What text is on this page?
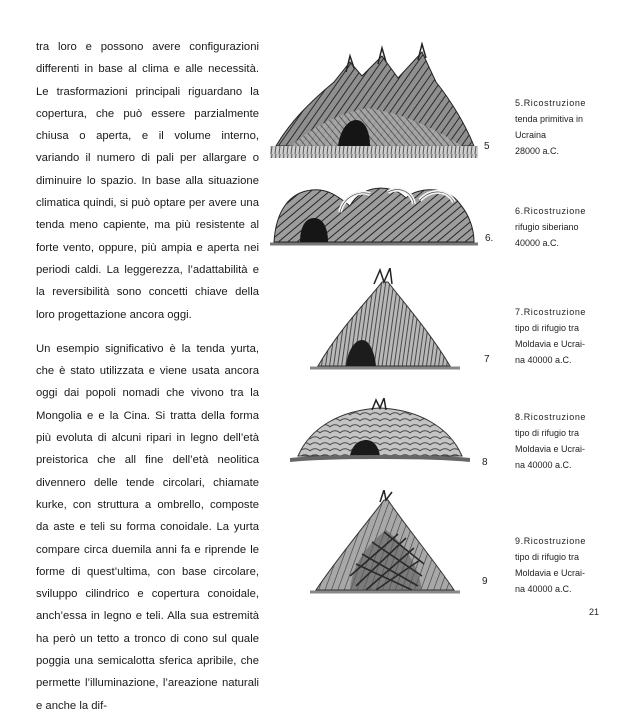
tra loro e possono avere configurazioni differenti in base al clima e alle necessità. Le trasformazioni principali riguardano la copertura, che può essere parzialmente chiusa o aperta, e il volume interno, variando il numero di pali per allargare o diminuire lo spazio. In base alla situazione climatica quindi, si può optare per avere una tenda meno capiente, ma più resistente al forte vento, oppure, più ampia e aperta nei periodi caldi. La leggerezza, l’adattabilità e la reversibilità sono concetti chiave della loro progettazione ancora oggi.

Un esempio significativo è la tenda yurta, che è stato utilizzata e viene usata ancora oggi dai popoli nomadi che vivono tra la Mongolia e e la Cina. Si tratta della forma più evoluta di alcuni ripari in legno dell’età preistorica che all fine dell’età neolitica divennero delle tende circolari, chiamate kurke, con struttura a ombrello, composte da aste e teli su forma conoidale. La yurta compare circa duemila anni fa e riprende le forme di quest’ultima, con base circolare, sviluppo cilindrico e copertura conoidale, anch’essa in legno e teli. Alla sua estremità ha però un tetto a tronco di cono sul quale poggia una semicalotta sferica apribile, che permette l’illuminazione, l’areazione naturali e anche la dif-

5
5.Ricostruzione
tenda primitiva in
Ucraina
28000 a.C.
6.
6.Ricostruzione
rifugio siberiano
40000 a.C.
7
7.Ricostruzione
tipo di rifugio tra
Moldavia e Ucrai-
na 40000 a.C.
8
8.Ricostruzione
tipo di rifugio tra
Moldavia e Ucrai-
na 40000 a.C.
9
9.Ricostruzione
tipo di rifugio tra
Moldavia e Ucrai-
na 40000 a.C.
21
